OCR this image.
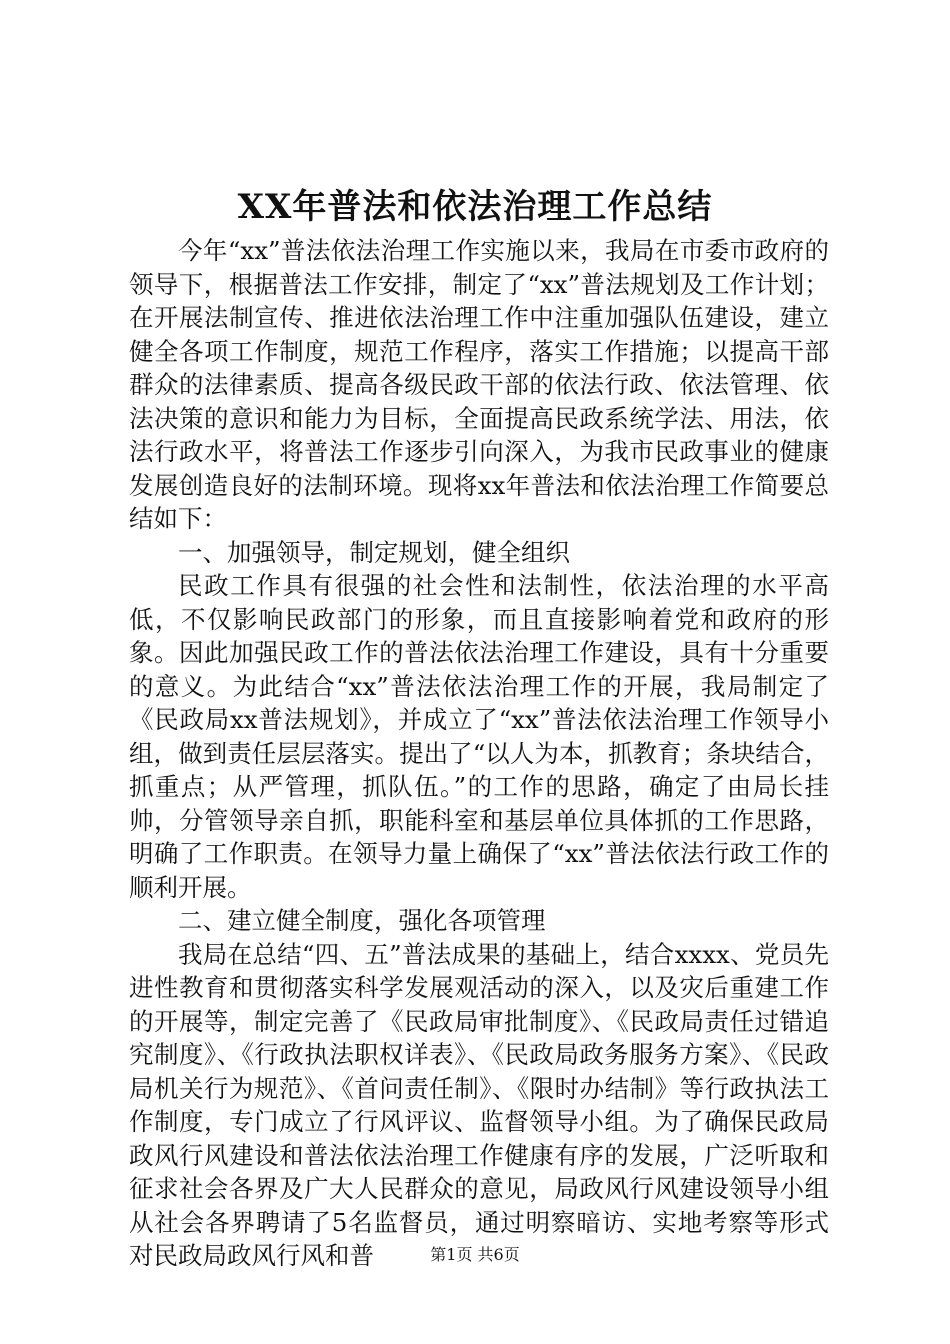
XX年普法和依法治理工作总结

今年“xx”普法依法治理工作实施以来，我局在市委市政府的领导下，根据普法工作安排，制定了“xx”普法规划及工作计划；在开展法制宣传、推进依法治理工作中注重加强队伍建设，建立健全各项工作制度，规范工作程序，落实工作措施；以提高干部群众的法律素质、提高各级民政干部的依法行政、依法管理、依法决策的意识和能力为目标，全面提高民政系统学法、用法，依法行政水平，将普法工作逐步引向深入，为我市民政事业的健康发展创造良好的法制环境。现将xx年普法和依法治理工作简要总结如下：

一、加强领导，制定规划，健全组织

民政工作具有很强的社会性和法制性，依法治理的水平高低，不仅影响民政部门的形象，而且直接影响着党和政府的形象。因此加强民政工作的普法依法治理工作建设，具有十分重要的意义。为此结合“xx”普法依法治理工作的开展，我局制定了《民政局xx普法规划》，并成立了“xx”普法依法治理工作领导小组，做到责任层层落实。提出了“以人为本，抓教育；条块结合，抓重点；从严管理，抓队伍。”的工作的思路，确定了由局长挂帅，分管领导亲自抓，职能科室和基层单位具体抓的工作思路，明确了工作职责。在领导力量上确保了“xx”普法依法行政工作的顺利开展。

二、建立健全制度，强化各项管理

我局在总结“四、五”普法成果的基础上，结合xxxx、党员先进性教育和贯彻落实科学发展观活动的深入，以及灾后重建工作的开展等，制定完善了《民政局审批制度》、《民政局责任过错追究制度》、《行政执法职权详表》、《民政局政务服务方案》、《民政局机关行为规范》、《首问责任制》、《限时办结制》等行政执法工作制度，专门成立了行风评议、监督领导小组。为了确保民政局政风行风建设和普法依法治理工作健康有序的发展，广泛听取和征求社会各界及广大人民群众的意见，局政风行风建设领导小组从社会各界聘请了5名监督员，通过明察暗访、实地考察等形式对民政局政风行风和普	第1页 共6页
